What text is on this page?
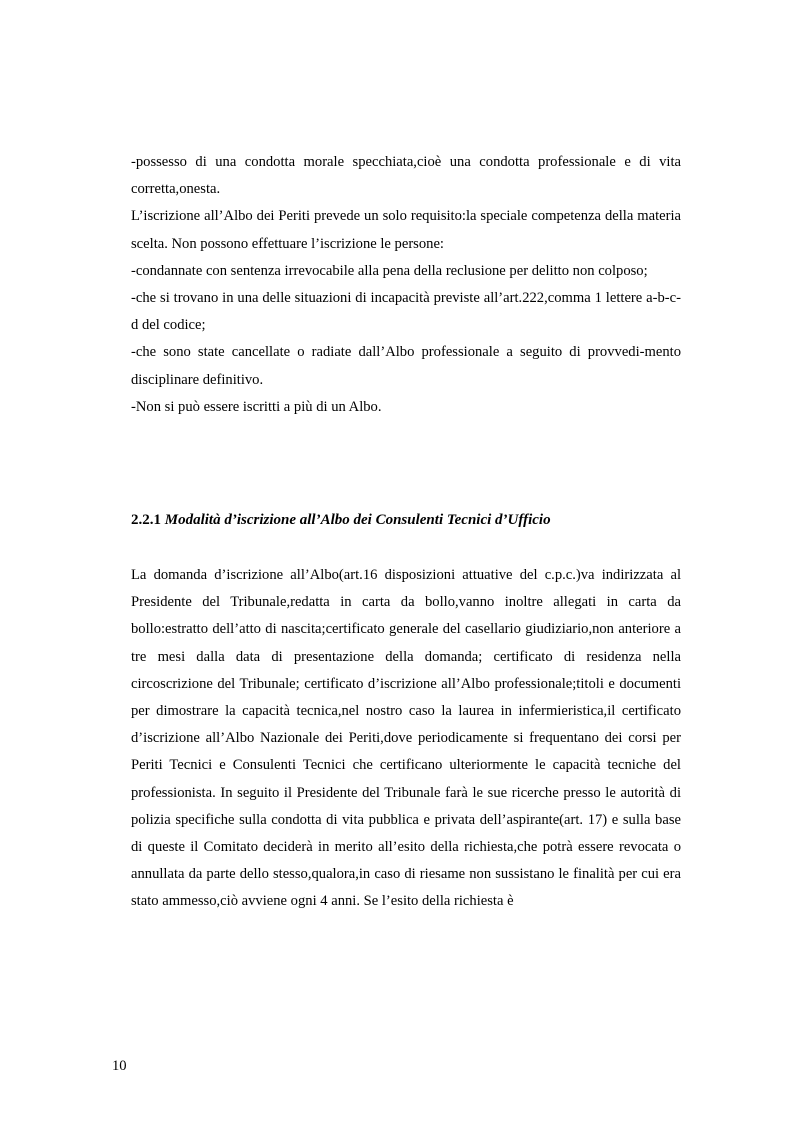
-possesso di una condotta morale specchiata,cioè una condotta professionale e di vita corretta,onesta.

L’iscrizione all’Albo dei Periti prevede un solo requisito:la speciale competenza della materia scelta. Non possono effettuare l’iscrizione le persone:

-condannate con sentenza irrevocabile alla pena della reclusione per delitto non colposo;

-che si trovano in una delle situazioni di incapacità previste all’art.222,comma 1 lettere a-b-c-d del codice;

-che sono state cancellate o radiate dall’Albo professionale a seguito di provvedi-mento disciplinare definitivo.

-Non si può essere iscritti a più di un Albo.

2.2.1 Modalità d’iscrizione all’Albo dei Consulenti Tecnici d’Ufficio

La domanda d’iscrizione all’Albo(art.16 disposizioni attuative del c.p.c.)va indirizzata al Presidente del Tribunale,redatta in carta da bollo,vanno inoltre allegati in carta da bollo:estratto dell’atto di nascita;certificato generale del casellario giudiziario,non anteriore a tre mesi dalla data di presentazione della domanda; certificato di residenza nella circoscrizione del Tribunale; certificato d’iscrizione all’Albo professionale;titoli e documenti per dimostrare la capacità tecnica,nel nostro caso la laurea in infermieristica,il certificato d’iscrizione all’Albo Nazionale dei Periti,dove periodicamente si frequentano dei corsi per Periti Tecnici e Consulenti Tecnici che certificano ulteriormente le capacità tecniche del professionista. In seguito il Presidente del Tribunale farà le sue ricerche presso le autorità di polizia specifiche sulla condotta di vita pubblica e privata dell’aspirante(art. 17) e sulla base di queste il Comitato deciderà in merito all’esito della richiesta,che potrà essere revocata o annullata da parte dello stesso,qualora,in caso di riesame non sussistano le finalità per cui era stato ammesso,ciò avviene ogni 4 anni. Se l’esito della richiesta è

10
